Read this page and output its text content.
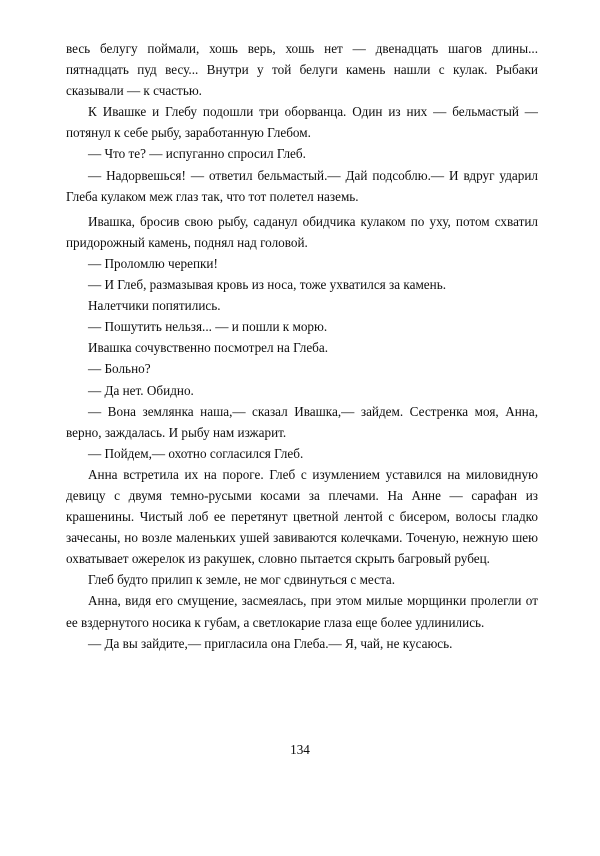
весь белугу поймали, хошь верь, хошь нет — двенадцать шагов длины... пятнадцать пуд весу... Внутри у той белуги камень нашли с кулак. Рыбаки сказывали — к счастью.

К Ивашке и Глебу подошли три оборванца. Один из них — бельмастый — потянул к себе рыбу, заработанную Глебом.

— Что те? — испуганно спросил Глеб.

— Надорвешься! — ответил бельмастый.— Дай подсоблю.— И вдруг ударил Глеба кулаком меж глаз так, что тот полетел наземь.

Ивашка, бросив свою рыбу, саданул обидчика кулаком по уху, потом схватил придорожный камень, поднял над головой.

— Проломлю черепки!

— И Глеб, размазывая кровь из носа, тоже ухватился за камень.

Налетчики попятились.

— Пошутить нельзя... — и пошли к морю.

Ивашка сочувственно посмотрел на Глеба.

— Больно?

— Да нет. Обидно.

— Вона землянка наша,— сказал Ивашка,— зайдем. Сестренка моя, Анна, верно, заждалась. И рыбу нам изжарит.

— Пойдем,— охотно согласился Глеб.

Анна встретила их на пороге. Глеб с изумлением уставился на миловидную девицу с двумя темно-русыми косами за плечами. На Анне — сарафан из крашенины. Чистый лоб ее перетянут цветной лентой с бисером, волосы гладко зачесаны, но возле маленьких ушей завиваются колечками. Точеную, нежную шею охватывает ожерелок из ракушек, словно пытается скрыть багровый рубец.

Глеб будто прилип к земле, не мог сдвинуться с места.

Анна, видя его смущение, засмеялась, при этом милые морщинки пролегли от ее вздернутого носика к губам, а светлокарие глаза еще более удлинились.

— Да вы зайдите,— пригласила она Глеба.— Я, чай, не кусаюсь.

134
